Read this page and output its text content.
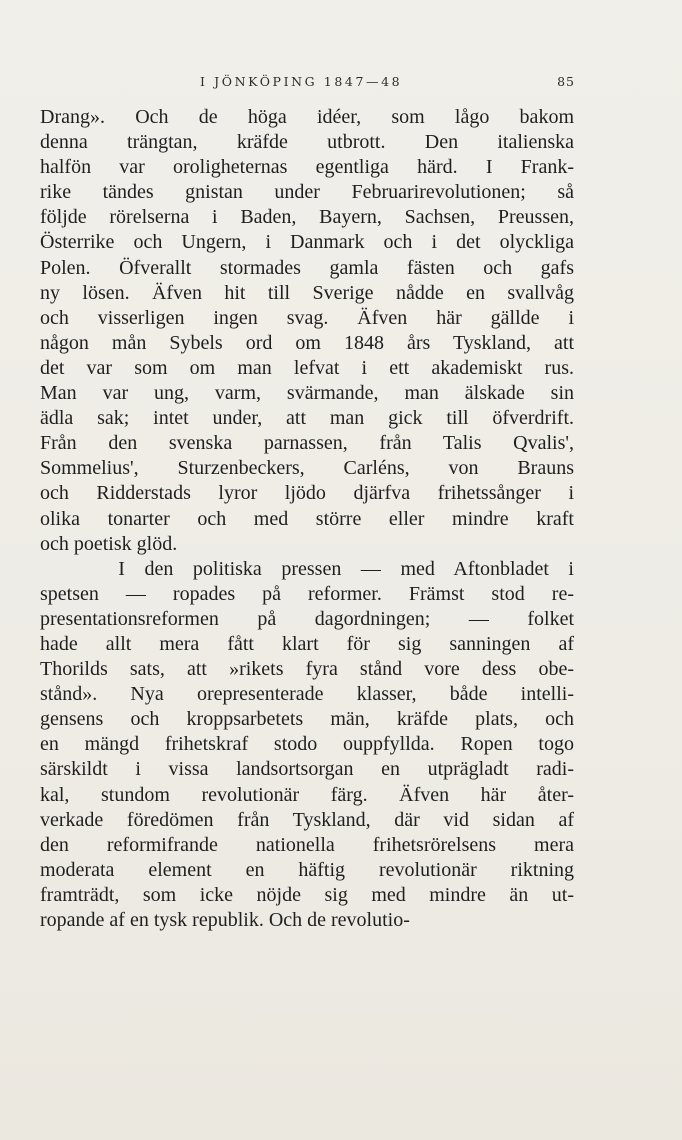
I JÖNKÖPING 1847—48	85
Drang». Och de höga idéer, som lågo bakom
denna trängtan, kräfde utbrott. Den italienska
halfön var oroligheternas egentliga härd. I Frank-
rike tändes gnistan under Februarirevolutionen; så
följde rörelserna i Baden, Bayern, Sachsen, Preussen,
Österrike och Ungern, i Danmark och i det olyckliga
Polen. Öfverallt stormades gamla fästen och gafs
ny lösen. Äfven hit till Sverige nådde en svallvåg
och visserligen ingen svag. Äfven här gällde i
någon mån Sybels ord om 1848 års Tyskland, att
det var som om man lefvat i ett akademiskt rus.
Man var ung, varm, svärmande, man älskade sin
ädla sak; intet under, att man gick till öfverdrift.
Från den svenska parnassen, från Talis Qvalis',
Sommelius', Sturzenbeckers, Carléns, von Brauns
och Ridderstads lyror ljödo djärfva frihetssånger i
olika tonarter och med större eller mindre kraft
och poetisk glöd.
I den politiska pressen — med Aftonbladet i
spetsen — ropades på reformer. Främst stod re-
presentationsreformen på dagordningen; — folket
hade allt mera fått klart för sig sanningen af
Thorilds sats, att »rikets fyra stånd vore dess obe-
stånd». Nya orepresenterade klasser, både intelli-
gensens och kroppsarbetets män, kräfde plats, och
en mängd frihetskraf stodo ouppfyllda. Ropen togo
särskildt i vissa landsortsorgan en utprägladt radi-
kal, stundom revolutionär färg. Äfven här åter-
verkade föredömen från Tyskland, där vid sidan af
den reformifrande nationella frihetsrörelsens mera
moderata element en häftig revolutionär riktning
framträdt, som icke nöjde sig med mindre än ut-
ropande af en tysk republik. Och de revolutio-
